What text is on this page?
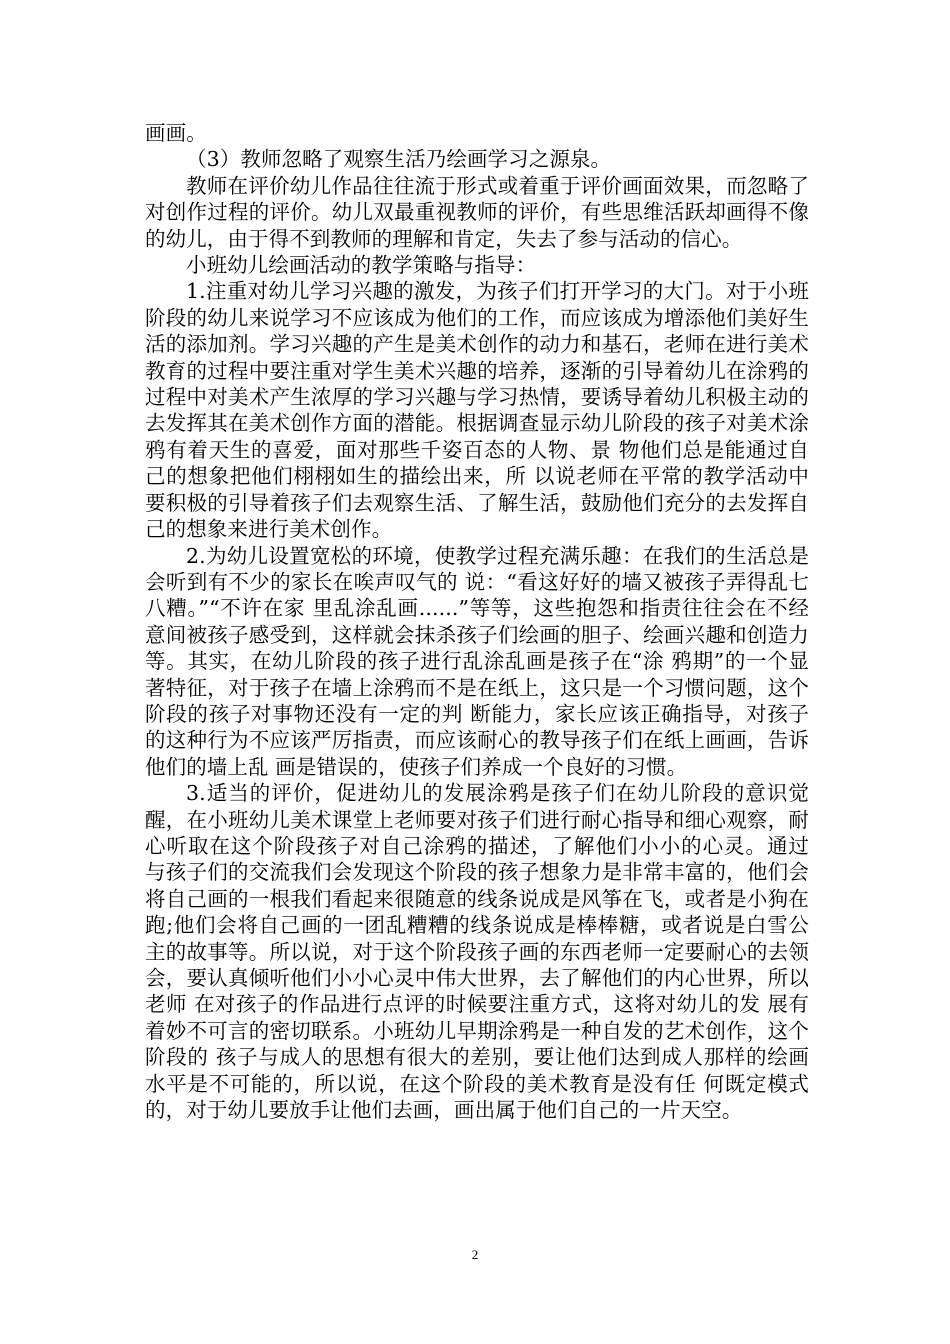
画画。

（3）教师忽略了观察生活乃绘画学习之源泉。

教师在评价幼儿作品往往流于形式或着重于评价画面效果，而忽略了对创作过程的评价。幼儿双最重视教师的评价，有些思维活跃却画得不像的幼儿，由于得不到教师的理解和肯定，失去了参与活动的信心。

小班幼儿绘画活动的教学策略与指导：

1.注重对幼儿学习兴趣的激发，为孩子们打开学习的大门。对于小班阶段的幼儿来说学习不应该成为他们的工作，而应该成为增添他们美好生活的添加剂。学习兴趣的产生是美术创作的动力和基石，老师在进行美术教育的过程中要注重对学生美术兴趣的培养，逐渐的引导着幼儿在涂鸦的过程中对美术产生浓厚的学习兴趣与学习热情，要诱导着幼儿积极主动的去发挥其在美术创作方面的潜能。根据调查显示幼儿阶段的孩子对美术涂鸦有着天生的喜爱，面对那些千姿百态的人物、景 物他们总是能通过自己的想象把他们栩栩如生的描绘出来，所 以说老师在平常的教学活动中要积极的引导着孩子们去观察生活、了解生活，鼓励他们充分的去发挥自己的想象来进行美术创作。

2.为幼儿设置宽松的环境，使教学过程充满乐趣：在我们的生活总是会听到有不少的家长在唉声叹气的 说：“看这好好的墙又被孩子弄得乱七八糟。”“不许在家 里乱涂乱画......”等等，这些抱怨和指责往往会在不经意间被孩子感受到，这样就会抹杀孩子们绘画的胆子、绘画兴趣和创造力等。其实，在幼儿阶段的孩子进行乱涂乱画是孩子在“涂 鸦期”的一个显著特征，对于孩子在墙上涂鸦而不是在纸上，这只是一个习惯问题，这个阶段的孩子对事物还没有一定的判 断能力，家长应该正确指导，对孩子的这种行为不应该严厉指责，而应该耐心的教导孩子们在纸上画画，告诉他们的墙上乱 画是错误的，使孩子们养成一个良好的习惯。

3.适当的评价，促进幼儿的发展涂鸦是孩子们在幼儿阶段的意识觉醒，在小班幼儿美术课堂上老师要对孩子们进行耐心指导和细心观察，耐心听取在这个阶段孩子对自己涂鸦的描述，了解他们小小的心灵。通过 与孩子们的交流我们会发现这个阶段的孩子想象力是非常丰富的，他们会将自己画的一根我们看起来很随意的线条说成是风筝在飞，或者是小狗在跑;他们会将自己画的一团乱糟糟的线条说成是棒棒糖，或者说是白雪公主的故事等。所以说，对于这个阶段孩子画的东西老师一定要耐心的去领会，要认真倾听他们小小心灵中伟大世界，去了解他们的内心世界，所以老师 在对孩子的作品进行点评的时候要注重方式，这将对幼儿的发 展有着妙不可言的密切联系。小班幼儿早期涂鸦是一种自发的艺术创作，这个阶段的 孩子与成人的思想有很大的差别，要让他们达到成人那样的绘画水平是不可能的，所以说，在这个阶段的美术教育是没有任 何既定模式的，对于幼儿要放手让他们去画，画出属于他们自己的一片天空。

2
